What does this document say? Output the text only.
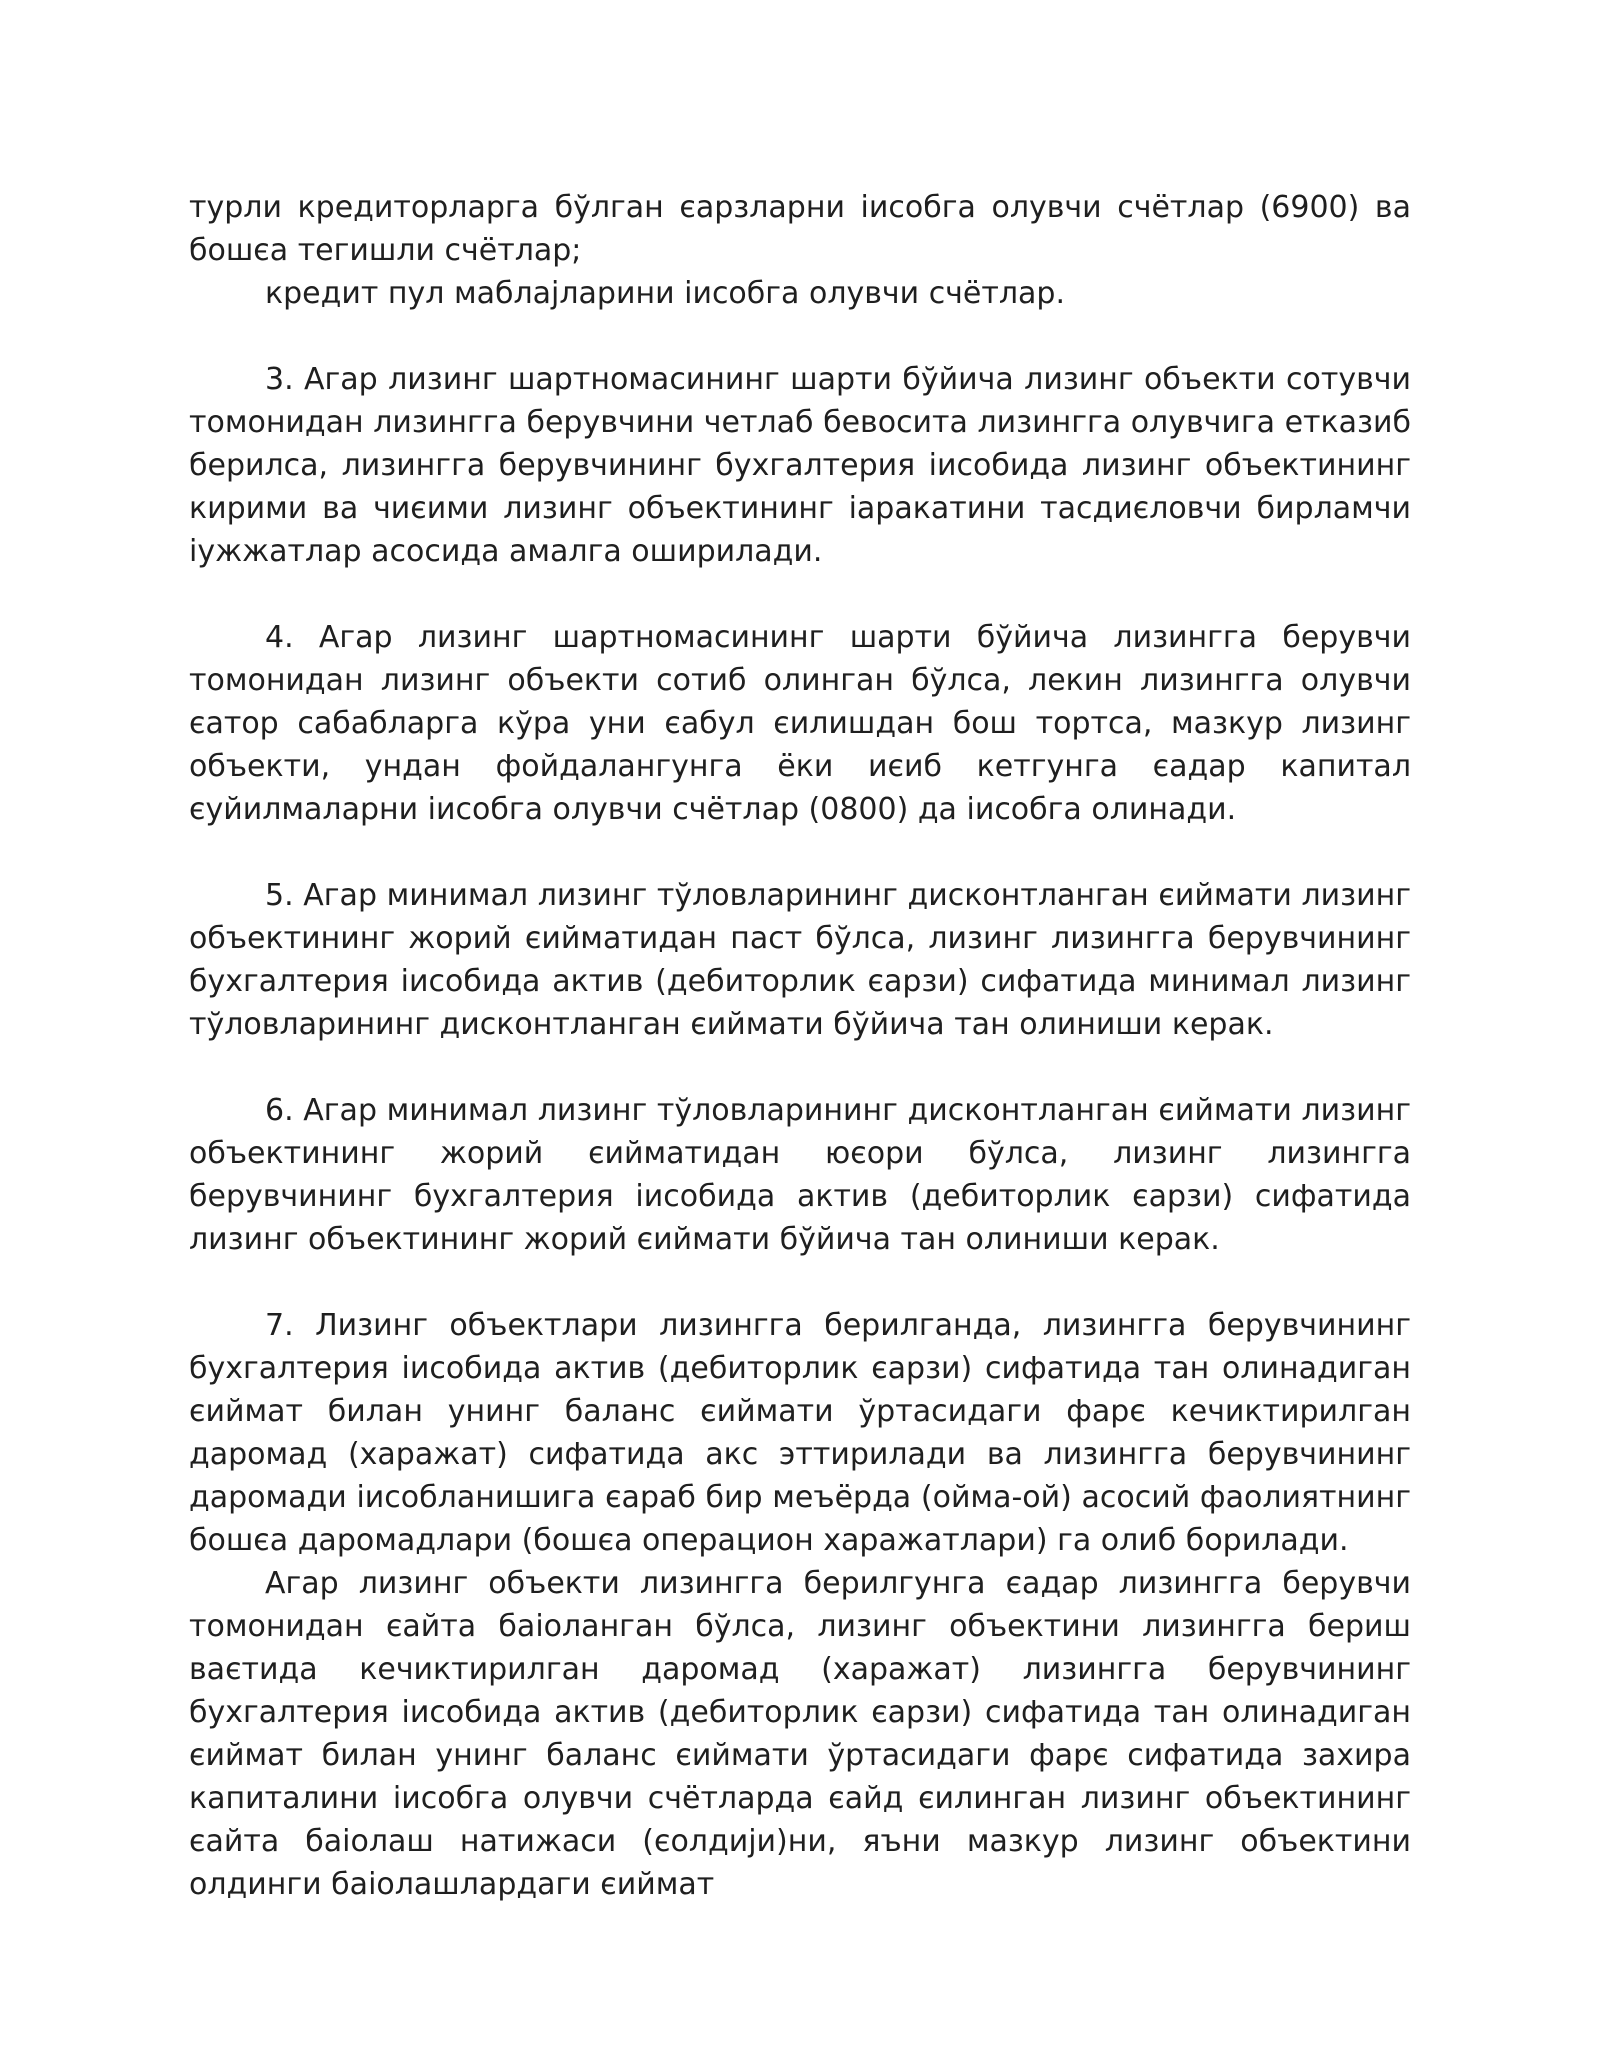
турли кредиторларга бўлган єарзларни іисобга олувчи счётлар (6900) ва бошєа тегишли счётлар;

кредит пул маблајларини іисобга олувчи счётлар.

3. Агар лизинг шартномасининг шарти бўйича лизинг объекти сотувчи томонидан лизингга берувчини четлаб бевосита лизингга олувчига етказиб берилса, лизингга берувчининг бухгалтерия іисобида лизинг объектининг кирими ва чиєими лизинг объектининг іаракатини тасдиєловчи бирламчи іужжатлар асосида амалга оширилади.

4. Агар лизинг шартномасининг шарти бўйича лизингга берувчи томонидан лизинг объекти сотиб олинган бўлса, лекин лизингга олувчи єатор сабабларга кўра уни єабул єилишдан бош тортса, мазкур лизинг объекти, ундан фойдалангунга ёки иєиб кетгунга єадар капитал єуйилмаларни іисобга олувчи счётлар (0800) да іисобга олинади.

5. Агар минимал лизинг тўловларининг дисконтланган єиймати лизинг объектининг жорий єийматидан паст бўлса, лизинг лизингга берувчининг бухгалтерия іисобида актив (дебиторлик єарзи) сифатида минимал лизинг тўловларининг дисконтланган єиймати бўйича тан олиниши керак.

6. Агар минимал лизинг тўловларининг дисконтланган єиймати лизинг объектининг жорий єийматидан юєори бўлса, лизинг лизингга берувчининг бухгалтерия іисобида актив (дебиторлик єарзи) сифатида лизинг объектининг жорий єиймати бўйича тан олиниши керак.

7. Лизинг объектлари лизингга берилганда, лизингга берувчининг бухгалтерия іисобида актив (дебиторлик єарзи) сифатида тан олинадиган єиймат билан унинг баланс єиймати ўртасидаги фарє кечиктирилган даромад (харажат) сифатида акс эттирилади ва лизингга берувчининг даромади іисобланишига єараб бир меъёрда (ойма-ой) асосий фаолиятнинг бошєа даромадлари (бошєа операцион харажатлари) га олиб борилади.

Агар лизинг объекти лизингга берилгунга єадар лизингга берувчи томонидан єайта баіоланган бўлса, лизинг объектини лизингга бериш ваєтида кечиктирилган даромад (харажат) лизингга берувчининг бухгалтерия іисобида актив (дебиторлик єарзи) сифатида тан олинадиган єиймат билан унинг баланс єиймати ўртасидаги фарє сифатида захира капиталини іисобга олувчи счётларда єайд єилинган лизинг объектининг єайта баіолаш натижаси (єолдији)ни, яъни мазкур лизинг объектини олдинги баіолашлардаги єиймат
